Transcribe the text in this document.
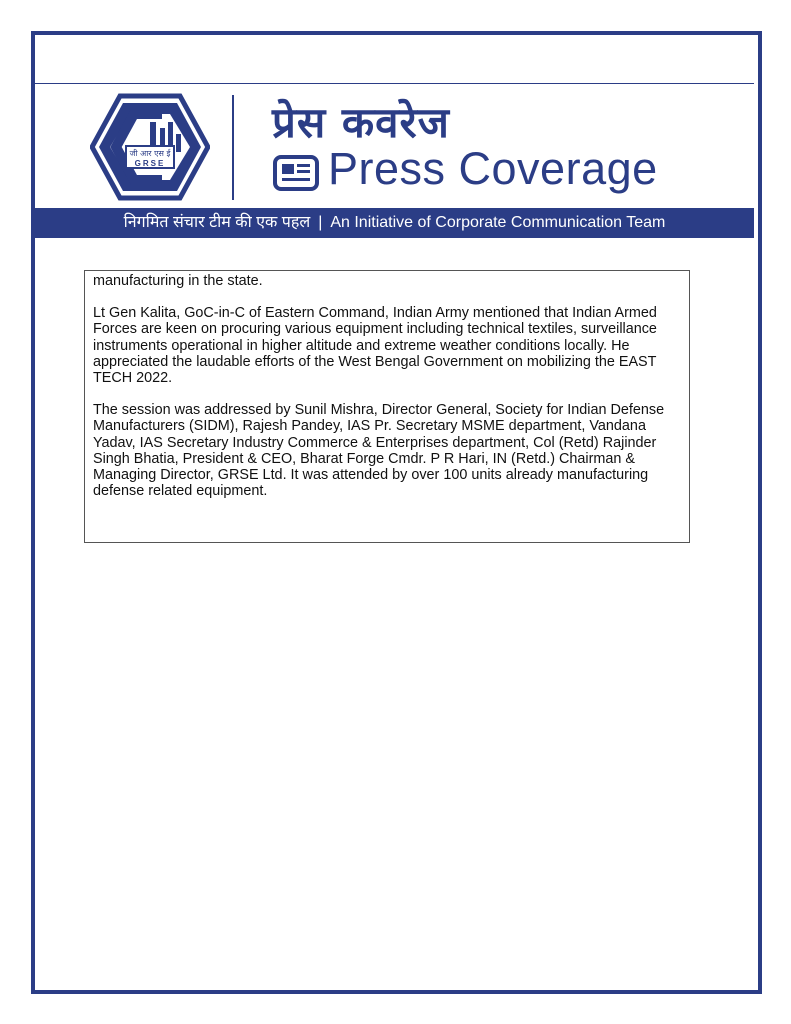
जी आर एस ई
GRSE
प्रेस कवरेज
Press Coverage
निगमित संचार टीम की एक पहल | An Initiative of Corporate Communication Team

manufacturing in the state.

Lt Gen Kalita, GoC-in-C of Eastern Command, Indian Army mentioned that Indian Armed Forces are keen on procuring various equipment including technical textiles, surveillance instruments operational in higher altitude and extreme weather conditions locally. He appreciated the laudable efforts of the West Bengal Government on mobilizing the EAST TECH 2022.

The session was addressed by Sunil Mishra, Director General, Society for Indian Defense Manufacturers (SIDM), Rajesh Pandey, IAS Pr. Secretary MSME department, Vandana Yadav, IAS Secretary Industry Commerce & Enterprises department, Col (Retd) Rajinder Singh Bhatia, President & CEO, Bharat Forge Cmdr. P R Hari, IN (Retd.) Chairman & Managing Director, GRSE Ltd. It was attended by over 100 units already manufacturing defense related equipment.
